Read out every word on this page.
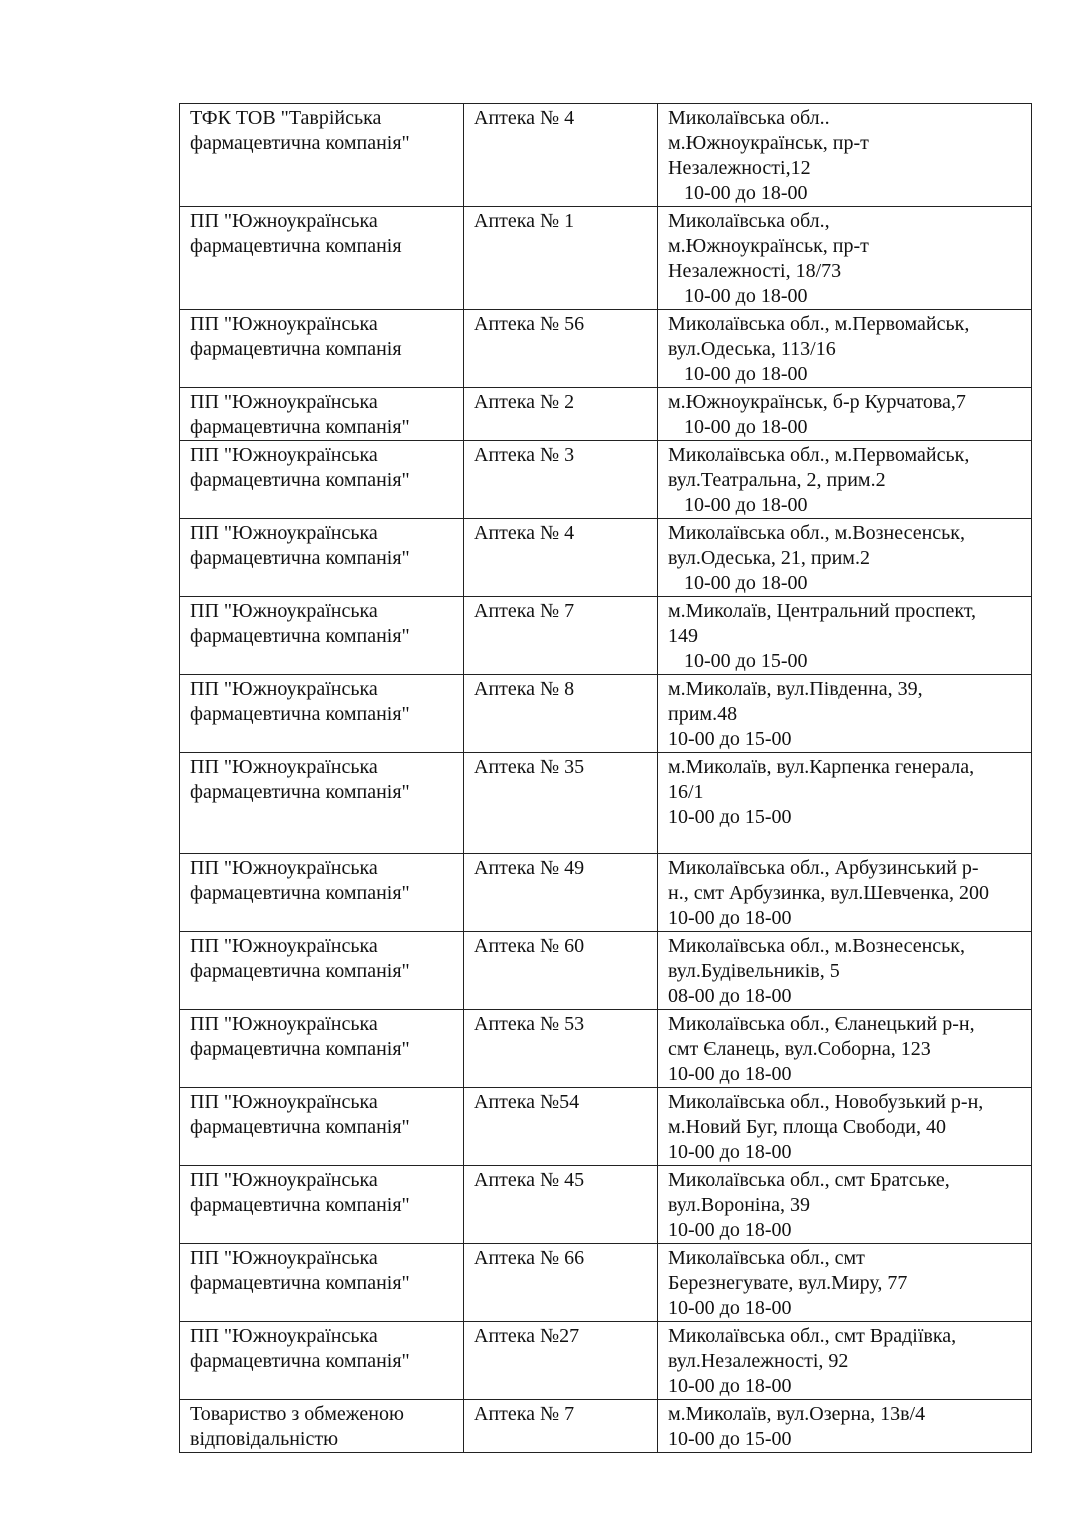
ТФК ТОВ "Таврійська
фармацевтична компанія"	Аптека № 4	Миколаївська обл..
м.Южноукраїнськ, пр-т
Незалежності,12
10-00 до 18-00

ПП "Южноукраїнська
фармацевтична компанія	Аптека № 1	Миколаївська обл.,
м.Южноукраїнськ, пр-т
Незалежності, 18/73
10-00 до 18-00

ПП "Южноукраїнська
фармацевтична компанія	Аптека № 56	Миколаївська обл., м.Первомайськ,
вул.Одеська, 113/16
10-00 до 18-00

ПП "Южноукраїнська
фармацевтична компанія"	Аптека № 2	м.Южноукраїнськ, б-р Курчатова,7
10-00 до 18-00

ПП "Южноукраїнська
фармацевтична компанія"	Аптека № 3	Миколаївська обл., м.Первомайськ,
вул.Театральна, 2, прим.2
10-00 до 18-00

ПП "Южноукраїнська
фармацевтична компанія"	Аптека № 4	Миколаївська обл., м.Вознесенськ,
вул.Одеська, 21, прим.2
10-00 до 18-00

ПП "Южноукраїнська
фармацевтична компанія"	Аптека № 7	м.Миколаїв, Центральний проспект,
149
10-00 до 15-00

ПП "Южноукраїнська
фармацевтична компанія"	Аптека № 8	м.Миколаїв, вул.Південна, 39,
прим.48
10-00 до 15-00

ПП "Южноукраїнська
фармацевтична компанія"	Аптека № 35	м.Миколаїв, вул.Карпенка генерала,
16/1
10-00 до 15-00

ПП "Южноукраїнська
фармацевтична компанія"	Аптека № 49	Миколаївська обл., Арбузинський р-
н., смт Арбузинка, вул.Шевченка, 200
10-00 до 18-00

ПП "Южноукраїнська
фармацевтична компанія"	Аптека № 60	Миколаївська обл., м.Вознесенськ,
вул.Будівельників, 5
08-00 до 18-00

ПП "Южноукраїнська
фармацевтична компанія"	Аптека № 53	Миколаївська обл., Єланецький р-н,
смт Єланець, вул.Соборна, 123
10-00 до 18-00

ПП "Южноукраїнська
фармацевтична компанія"	Аптека №54	Миколаївська обл., Новобузький р-н,
м.Новий Буг, площа Свободи, 40
10-00 до 18-00

ПП "Южноукраїнська
фармацевтична компанія"	Аптека № 45	Миколаївська обл., смт Братське,
вул.Вороніна, 39
10-00 до 18-00

ПП "Южноукраїнська
фармацевтична компанія"	Аптека № 66	Миколаївська обл., смт
Березнегувате, вул.Миру, 77
10-00 до 18-00

ПП "Южноукраїнська
фармацевтична компанія"	Аптека №27	Миколаївська обл., смт Врадіївка,
вул.Незалежності, 92
10-00 до 18-00

Товариство з обмеженою
відповідальністю	Аптека № 7	м.Миколаїв, вул.Озерна, 13в/4
10-00 до 15-00
